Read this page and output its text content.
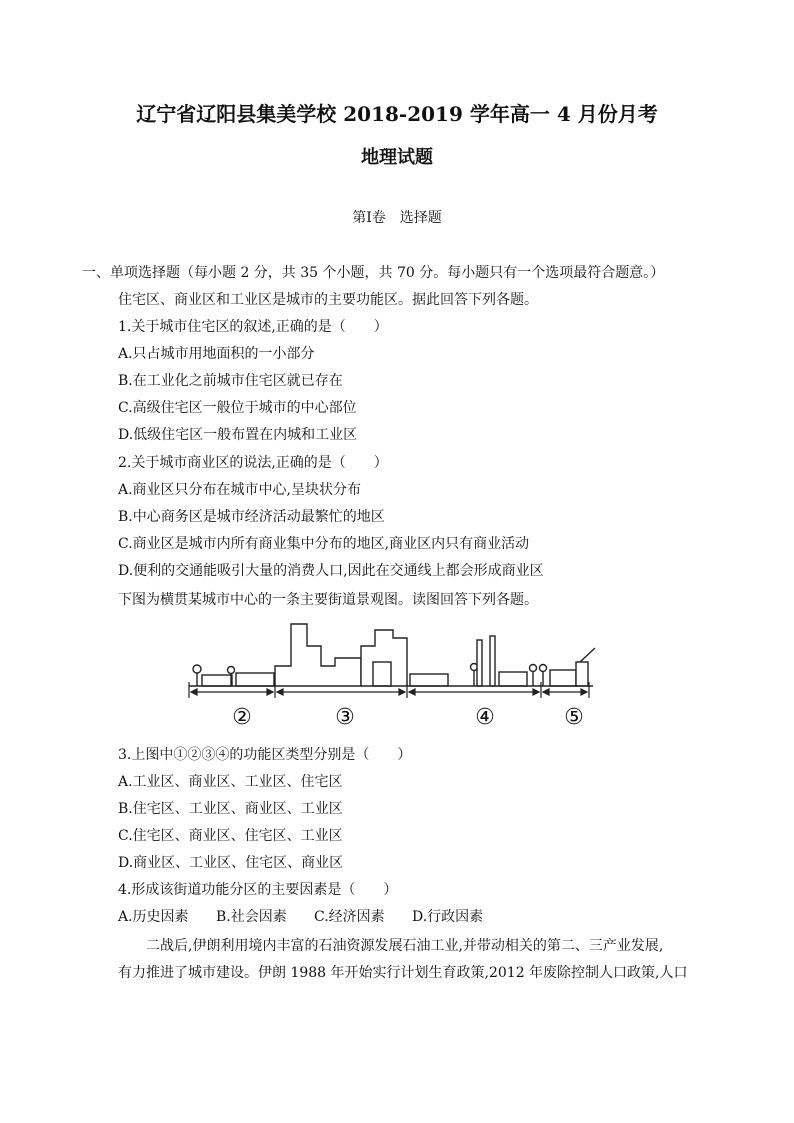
辽宁省辽阳县集美学校 2018-2019 学年高一 4 月份月考
地理试题
第Ⅰ卷　选择题
一、单项选择题（每小题 2 分，共 35 个小题，共 70 分。每小题只有一个选项最符合题意。）
住宅区、商业区和工业区是城市的主要功能区。据此回答下列各题。
1.关于城市住宅区的叙述,正确的是（　　）
A.只占城市用地面积的一小部分
B.在工业化之前城市住宅区就已存在
C.高级住宅区一般位于城市的中心部位
D.低级住宅区一般布置在内城和工业区
2.关于城市商业区的说法,正确的是（　　）
A.商业区只分布在城市中心,呈块状分布
B.中心商务区是城市经济活动最繁忙的地区
C.商业区是城市内所有商业集中分布的地区,商业区内只有商业活动
D.便利的交通能吸引大量的消费人口,因此在交通线上都会形成商业区
下图为横贯某城市中心的一条主要街道景观图。读图回答下列各题。
②	③	④	⑤
3.上图中①②③④的功能区类型分别是（　　）
A.工业区、商业区、工业区、住宅区
B.住宅区、工业区、商业区、工业区
C.住宅区、商业区、住宅区、工业区
D.商业区、工业区、住宅区、商业区
4.形成该街道功能分区的主要因素是（　　）
A.历史因素 B.社会因素 C.经济因素 D.行政因素
二战后,伊朗利用境内丰富的石油资源发展石油工业,并带动相关的第二、三产业发展,
有力推进了城市建设。伊朗 1988 年开始实行计划生育政策,2012 年废除控制人口政策,人口
